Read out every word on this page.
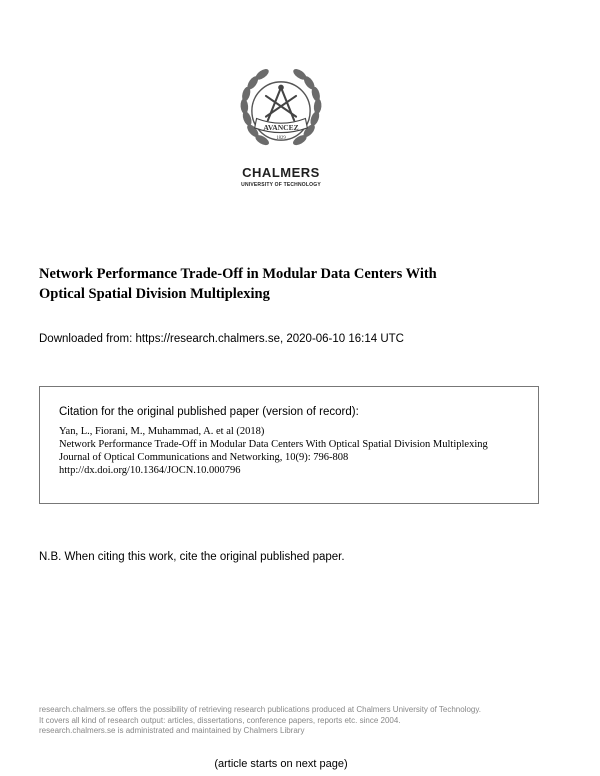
AVANCEZ
1829
CHALMERS
UNIVERSITY OF TECHNOLOGY
Network Performance Trade-Off in Modular Data Centers With
Optical Spatial Division Multiplexing
Downloaded from: https://research.chalmers.se, 2020-06-10 16:14 UTC
Citation for the original published paper (version of record):
Yan, L., Fiorani, M., Muhammad, A. et al (2018)
Network Performance Trade-Off in Modular Data Centers With Optical Spatial Division Multiplexing
Journal of Optical Communications and Networking, 10(9): 796-808
http://dx.doi.org/10.1364/JOCN.10.000796
N.B. When citing this work, cite the original published paper.
research.chalmers.se offers the possibility of retrieving research publications produced at Chalmers University of Technology.
It covers all kind of research output: articles, dissertations, conference papers, reports etc. since 2004.
research.chalmers.se is administrated and maintained by Chalmers Library
(article starts on next page)
